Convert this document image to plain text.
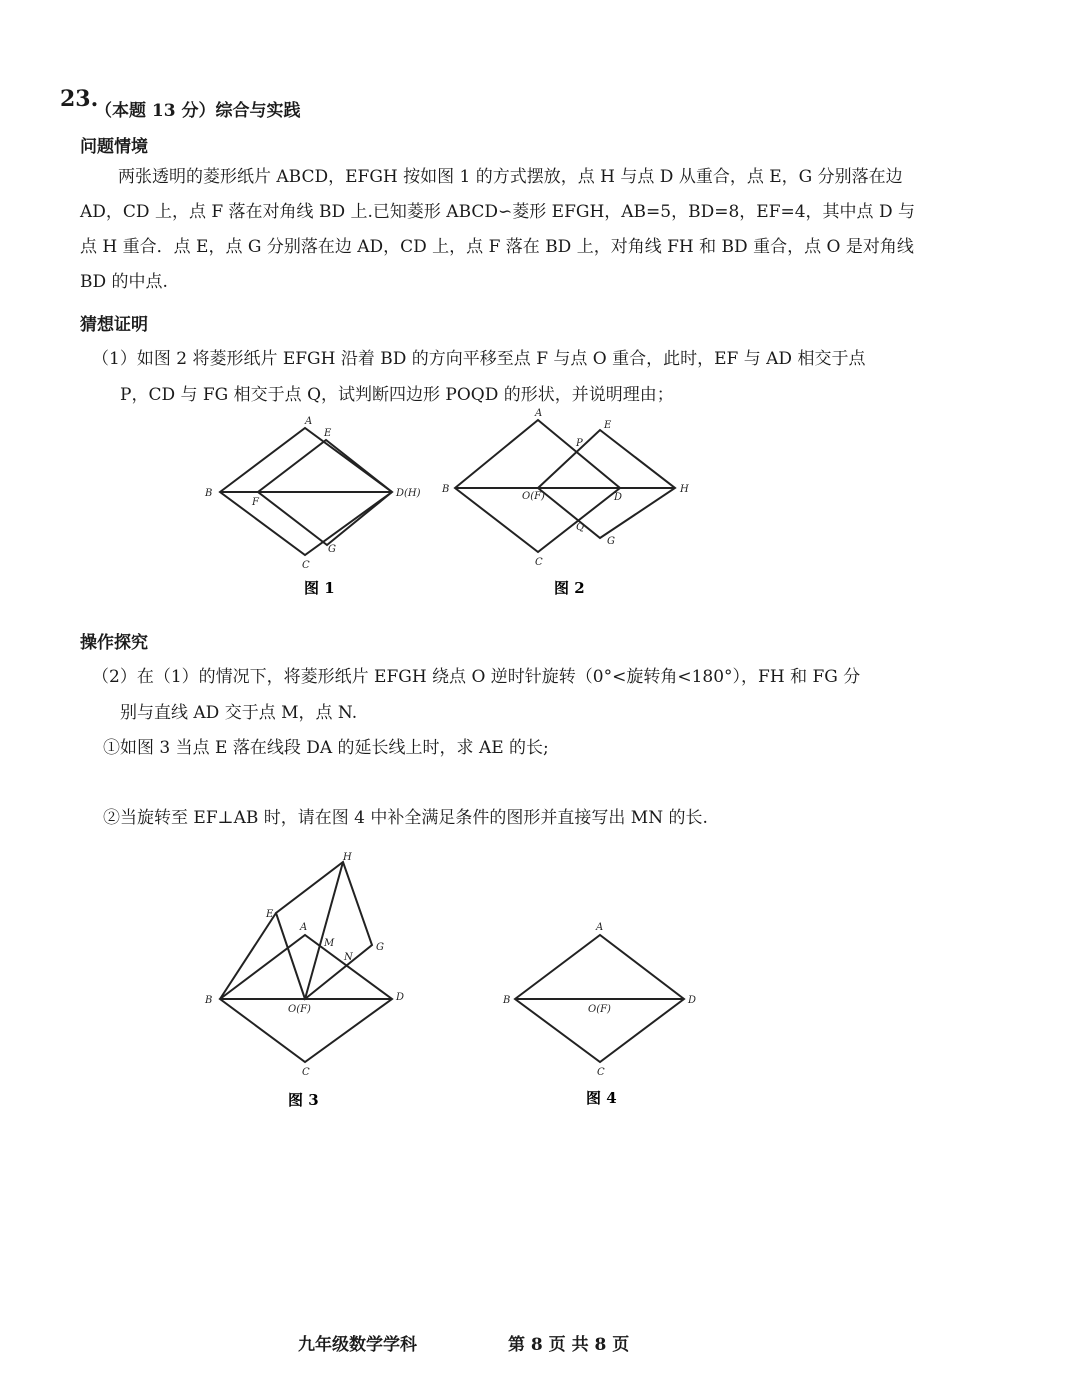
23.
（本题 13 分）综合与实践
问题情境
两张透明的菱形纸片 ABCD，EFGH 按如图 1 的方式摆放，点 H 与点 D 从重合，点 E，G 分别落在边 AD，CD 上，点 F 落在对角线 BD 上.已知菱形 ABCD∽菱形 EFGH，AB=5，BD=8，EF=4，其中点 D 与点 H 重合．点 E，点 G 分别落在边 AD，CD 上，点 F 落在 BD 上，对角线 FH 和 BD 重合，点 O 是对角线 BD 的中点.
猜想证明
（1）如图 2 将菱形纸片 EFGH 沿着 BD 的方向平移至点 F 与点 O 重合，此时，EF 与 AD 相交于点
P，CD 与 FG 相交于点 Q，试判断四边形 POQD 的形状，并说明理由；
A
B
C
E
F
G
D(H)
图 1
A
B
C
D
E
G
H
P
Q
O(F)
图 2
操作探究
（2）在（1）的情况下，将菱形纸片 EFGH 绕点 O 逆时针旋转（0°<旋转角<180°），FH 和 FG 分
别与直线 AD 交于点 M，点 N.
①如图 3 当点 E 落在线段 DA 的延长线上时，求 AE 的长;
②当旋转至 EF⊥AB 时，请在图 4 中补全满足条件的图形并直接写出 MN 的长.
A
B
C
D
E
G
H
M
N
O(F)
图 3
A
B
C
D
O(F)
图 4
九年级数学学科	第 8 页 共 8 页
